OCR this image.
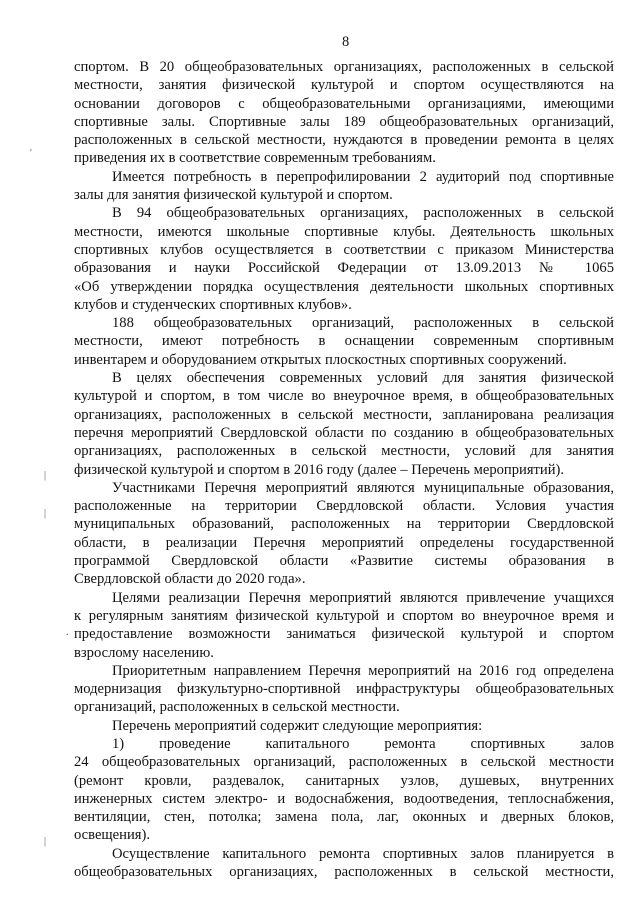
8
спортом. В 20 общеобразовательных организациях, расположенных в сельской
местности, занятия физической культурой и спортом осуществляются на
основании договоров с общеобразовательными организациями, имеющими
спортивные залы. Спортивные залы 189 общеобразовательных организаций,
расположенных в сельской местности, нуждаются в проведении ремонта в целях
приведения их в соответствие современным требованиям.
Имеется потребность в перепрофилировании 2 аудиторий под спортивные
залы для занятия физической культурой и спортом.
В 94 общеобразовательных организациях, расположенных в сельской
местности, имеются школьные спортивные клубы. Деятельность школьных
спортивных клубов осуществляется в соответствии с приказом Министерства
образования и науки Российской Федерации от 13.09.2013 № 1065
«Об утверждении порядка осуществления деятельности школьных спортивных
клубов и студенческих спортивных клубов».
188 общеобразовательных организаций, расположенных в сельской
местности, имеют потребность в оснащении современным спортивным
инвентарем и оборудованием открытых плоскостных спортивных сооружений.
В целях обеспечения современных условий для занятия физической
культурой и спортом, в том числе во внеурочное время, в общеобразовательных
организациях, расположенных в сельской местности, запланирована реализация
перечня мероприятий Свердловской области по созданию в общеобразовательных
организациях, расположенных в сельской местности, условий для занятия
физической культурой и спортом в 2016 году (далее – Перечень мероприятий).
Участниками Перечня мероприятий являются муниципальные образования,
расположенные на территории Свердловской области. Условия участия
муниципальных образований, расположенных на территории Свердловской
области, в реализации Перечня мероприятий определены государственной
программой Свердловской области «Развитие системы образования в
Свердловской области до 2020 года».
Целями реализации Перечня мероприятий являются привлечение учащихся
к регулярным занятиям физической культурой и спортом во внеурочное время и
предоставление возможности заниматься физической культурой и спортом
взрослому населению.
Приоритетным направлением Перечня мероприятий на 2016 год определена
модернизация физкультурно-спортивной инфраструктуры общеобразовательных
организаций, расположенных в сельской местности.
Перечень мероприятий содержит следующие мероприятия:
1) проведение капитального ремонта спортивных залов
24 общеобразовательных организаций, расположенных в сельской местности
(ремонт кровли, раздевалок, санитарных узлов, душевых, внутренних
инженерных систем электро- и водоснабжения, водоотведения, теплоснабжения,
вентиляции, стен, потолка; замена пола, лаг, оконных и дверных блоков,
освещения).
Осуществление капитального ремонта спортивных залов планируется в
общеобразовательных организациях, расположенных в сельской местности,
'
|
|
.
|
